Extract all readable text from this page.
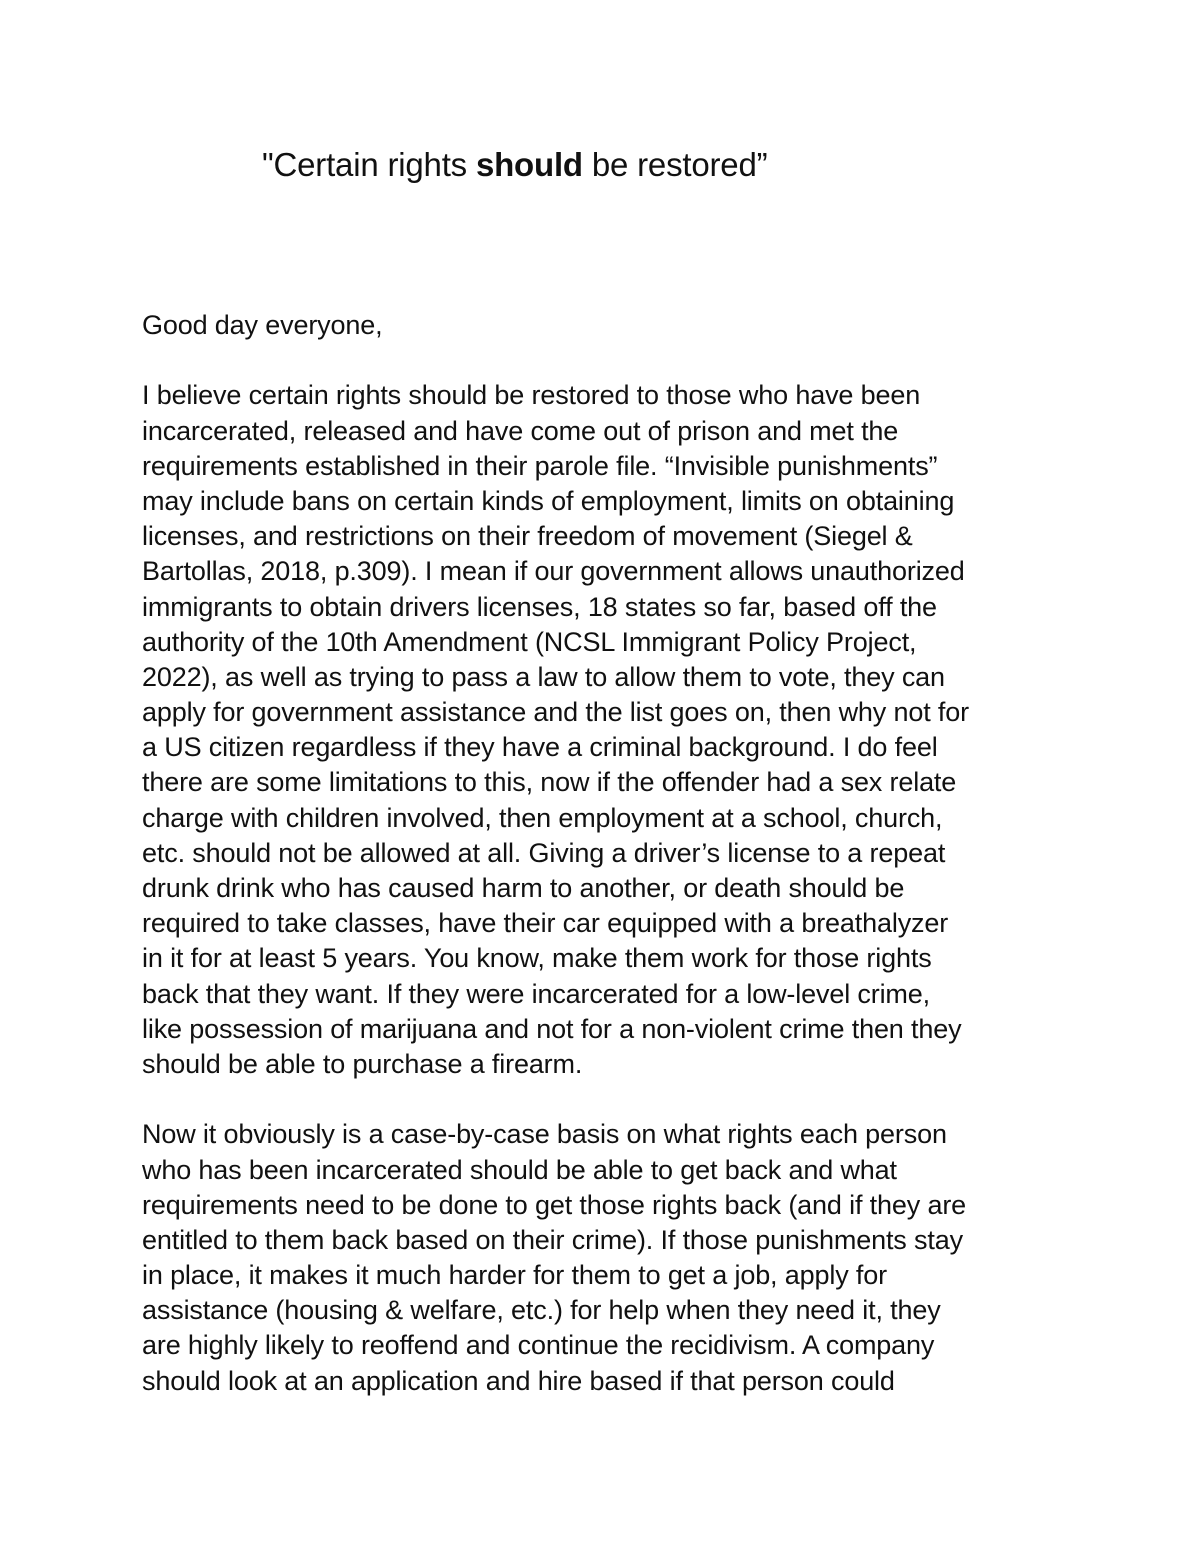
"Certain rights should be restored”
Good day everyone,
I believe certain rights should be restored to those who have been
incarcerated, released and have come out of prison and met the
requirements established in their parole file. “Invisible punishments”
may include bans on certain kinds of employment, limits on obtaining
licenses, and restrictions on their freedom of movement (Siegel &
Bartollas, 2018, p.309). I mean if our government allows unauthorized
immigrants to obtain drivers licenses, 18 states so far, based off the
authority of the 10th Amendment (NCSL Immigrant Policy Project,
2022), as well as trying to pass a law to allow them to vote, they can
apply for government assistance and the list goes on, then why not for
a US citizen regardless if they have a criminal background. I do feel
there are some limitations to this, now if the offender had a sex relate
charge with children involved, then employment at a school, church,
etc. should not be allowed at all. Giving a driver’s license to a repeat
drunk drink who has caused harm to another, or death should be
required to take classes, have their car equipped with a breathalyzer
in it for at least 5 years. You know, make them work for those rights
back that they want. If they were incarcerated for a low-level crime,
like possession of marijuana and not for a non-violent crime then they
should be able to purchase a firearm.
Now it obviously is a case-by-case basis on what rights each person
who has been incarcerated should be able to get back and what
requirements need to be done to get those rights back (and if they are
entitled to them back based on their crime). If those punishments stay
in place, it makes it much harder for them to get a job, apply for
assistance (housing & welfare, etc.) for help when they need it, they
are highly likely to reoffend and continue the recidivism. A company
should look at an application and hire based if that person could
